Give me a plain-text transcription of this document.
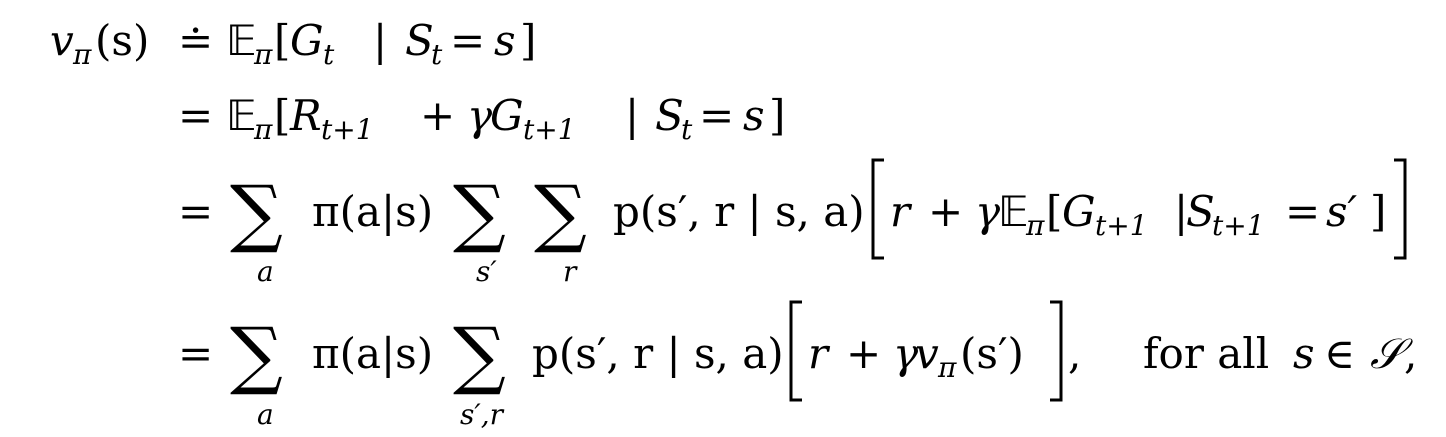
v π (s) ≐ 𝔼
π [ G t | S
t = s ]
= 𝔼
π [ R t+1 + γ
G t+1 | S
t = s ]
= ∑
a
π(a|s) ∑
s′
∑
r
p(s′, r | s, a) r + γ
𝔼
π [ G t+1 |
S
t+1 = s′ ]
= ∑
a
π(a|s) ∑
s′,r
p(s′, r | s, a) r + γ
v π (s′) , for all s ∈ 𝒮 ,
